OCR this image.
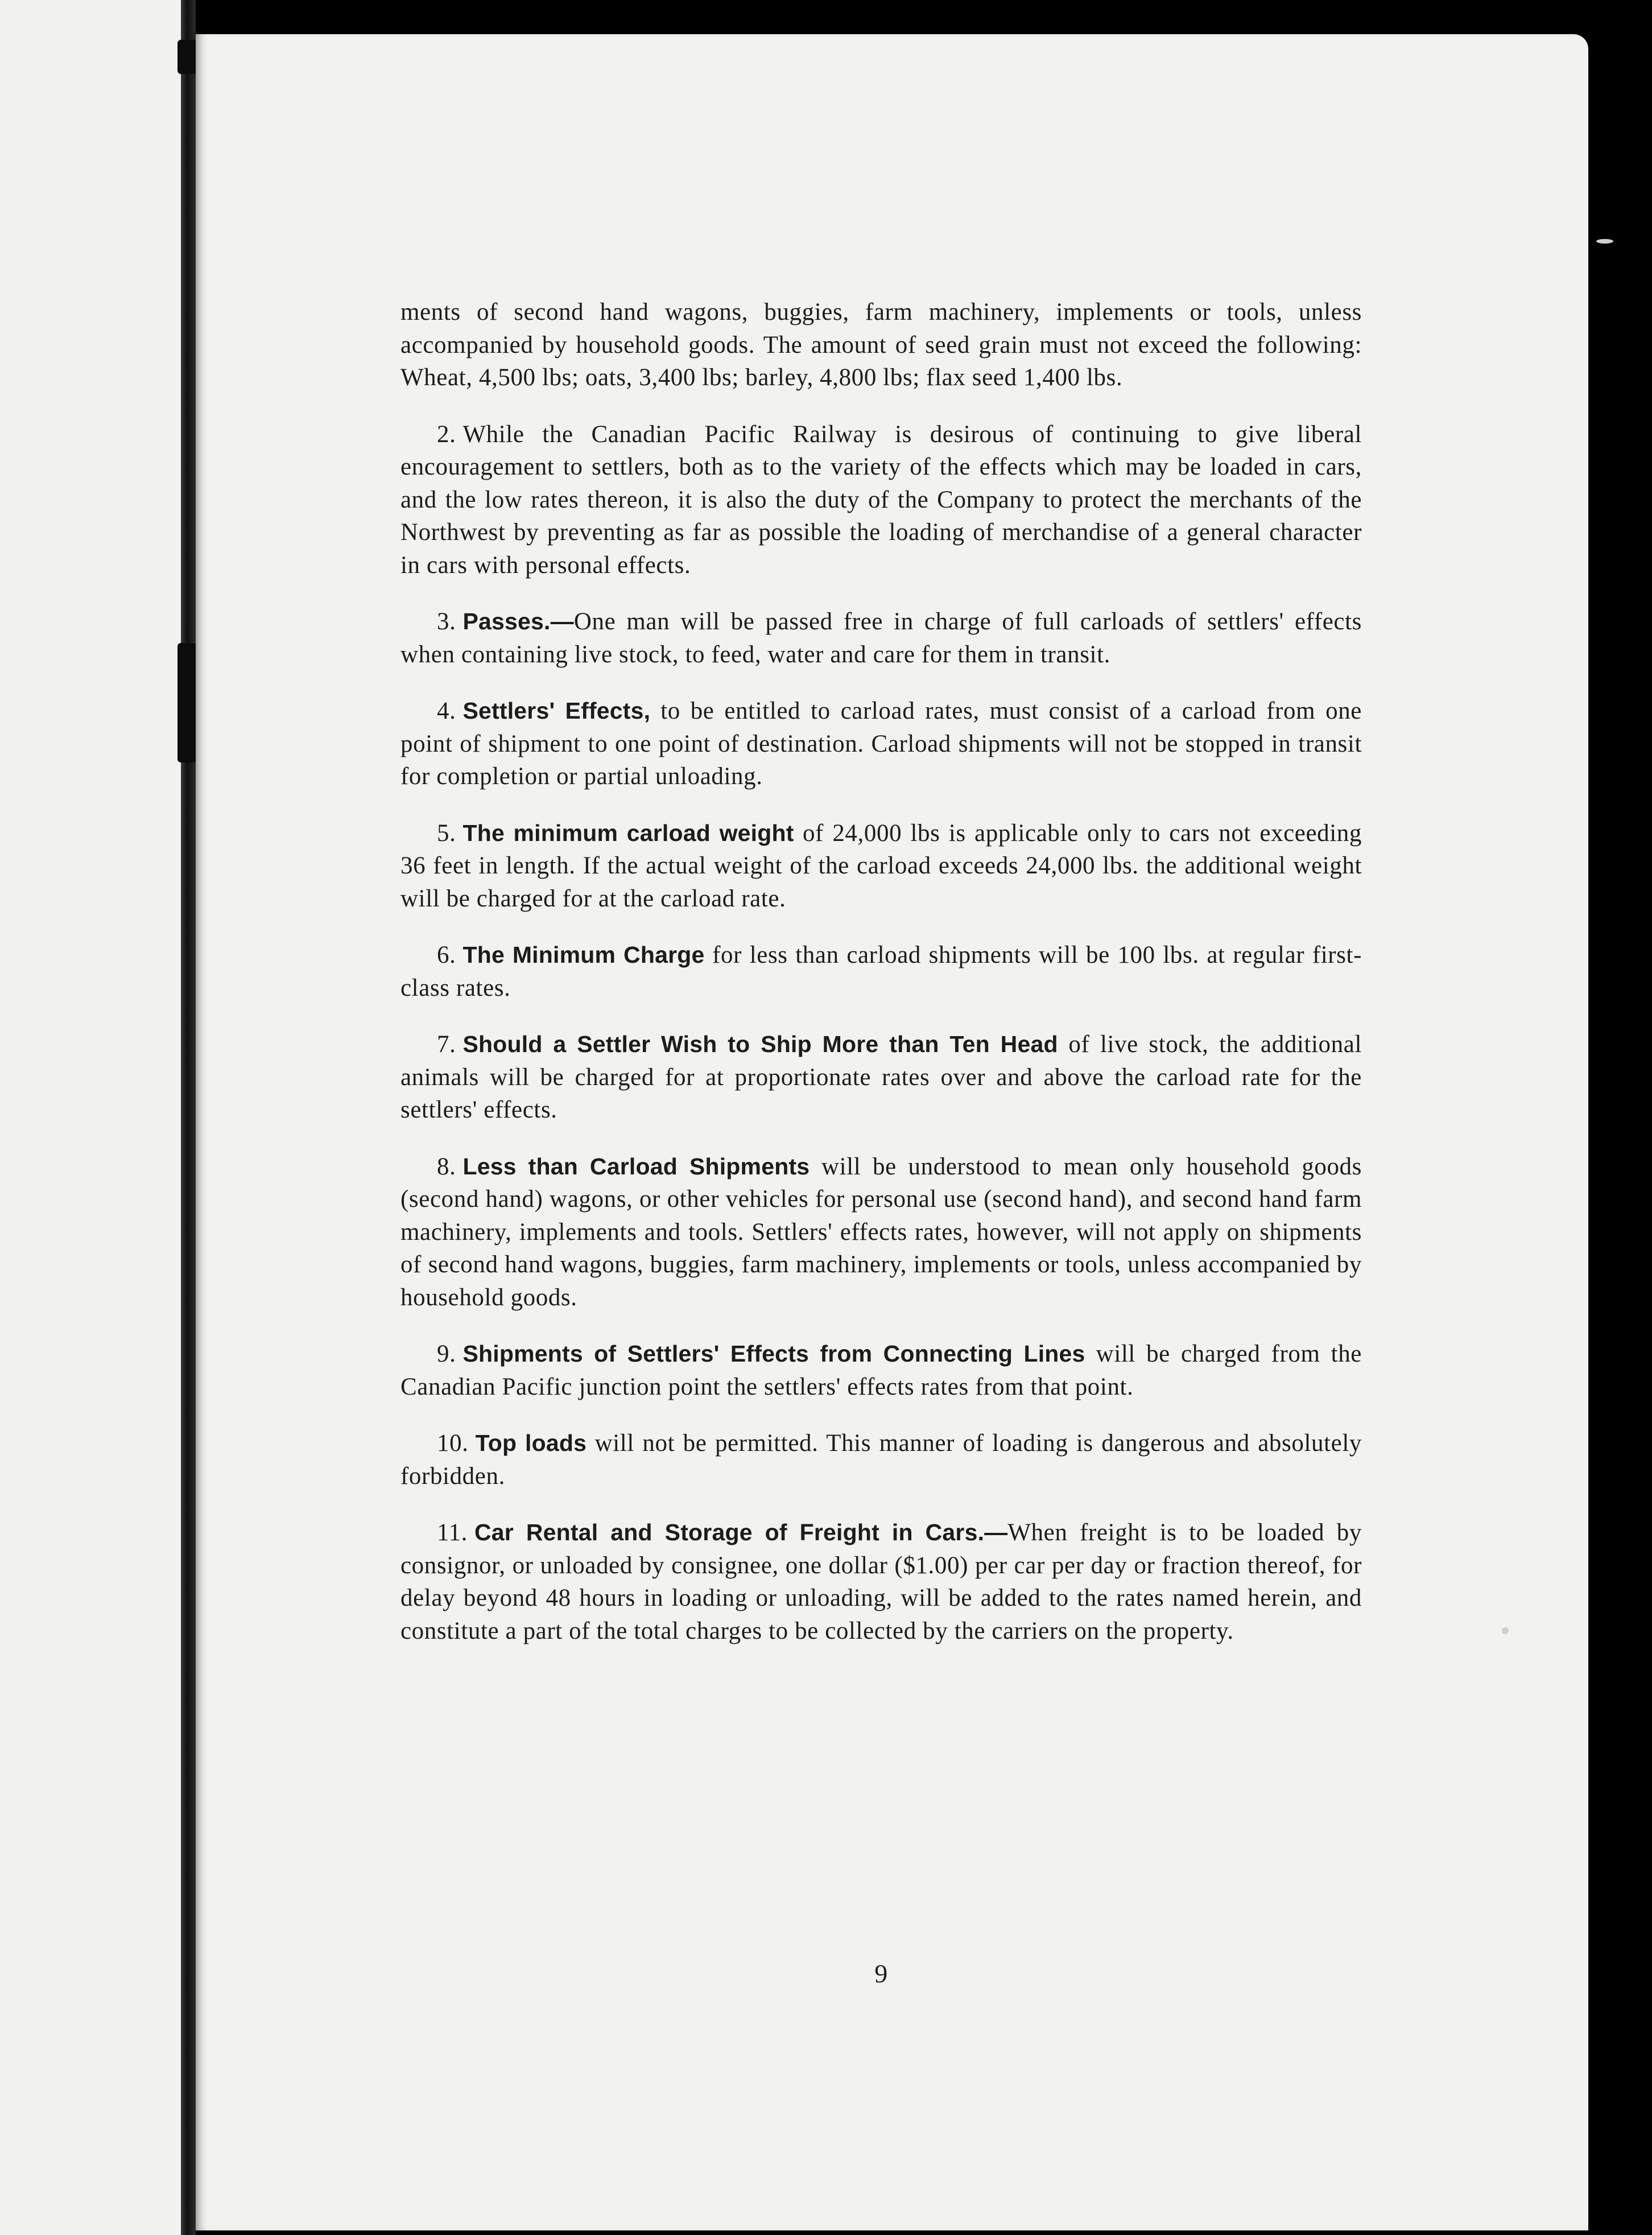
ments of second hand wagons, buggies, farm machinery, implements or tools, unless accompanied by household goods. The amount of seed grain must not exceed the following: Wheat, 4,500 lbs; oats, 3,400 lbs; barley, 4,800 lbs; flax seed 1,400 lbs.

2. While the Canadian Pacific Railway is desirous of continuing to give liberal encouragement to settlers, both as to the variety of the effects which may be loaded in cars, and the low rates thereon, it is also the duty of the Company to protect the merchants of the Northwest by preventing as far as possible the loading of merchandise of a general character in cars with personal effects.

3. Passes.—One man will be passed free in charge of full carloads of settlers' effects when containing live stock, to feed, water and care for them in transit.

4. Settlers' Effects, to be entitled to carload rates, must consist of a carload from one point of shipment to one point of destination. Carload shipments will not be stopped in transit for completion or partial unloading.

5. The minimum carload weight of 24,000 lbs is applicable only to cars not exceeding 36 feet in length. If the actual weight of the carload exceeds 24,000 lbs. the additional weight will be charged for at the carload rate.

6. The Minimum Charge for less than carload shipments will be 100 lbs. at regular first-class rates.

7. Should a Settler Wish to Ship More than Ten Head of live stock, the additional animals will be charged for at proportionate rates over and above the carload rate for the settlers' effects.

8. Less than Carload Shipments will be understood to mean only household goods (second hand) wagons, or other vehicles for personal use (second hand), and second hand farm machinery, implements and tools. Settlers' effects rates, however, will not apply on shipments of second hand wagons, buggies, farm machinery, implements or tools, unless accompanied by household goods.

9. Shipments of Settlers' Effects from Connecting Lines will be charged from the Canadian Pacific junction point the settlers' effects rates from that point.

10. Top loads will not be permitted. This manner of loading is dangerous and absolutely forbidden.

11. Car Rental and Storage of Freight in Cars.—When freight is to be loaded by consignor, or unloaded by consignee, one dollar ($1.00) per car per day or fraction thereof, for delay beyond 48 hours in loading or unloading, will be added to the rates named herein, and constitute a part of the total charges to be collected by the carriers on the property.

9
